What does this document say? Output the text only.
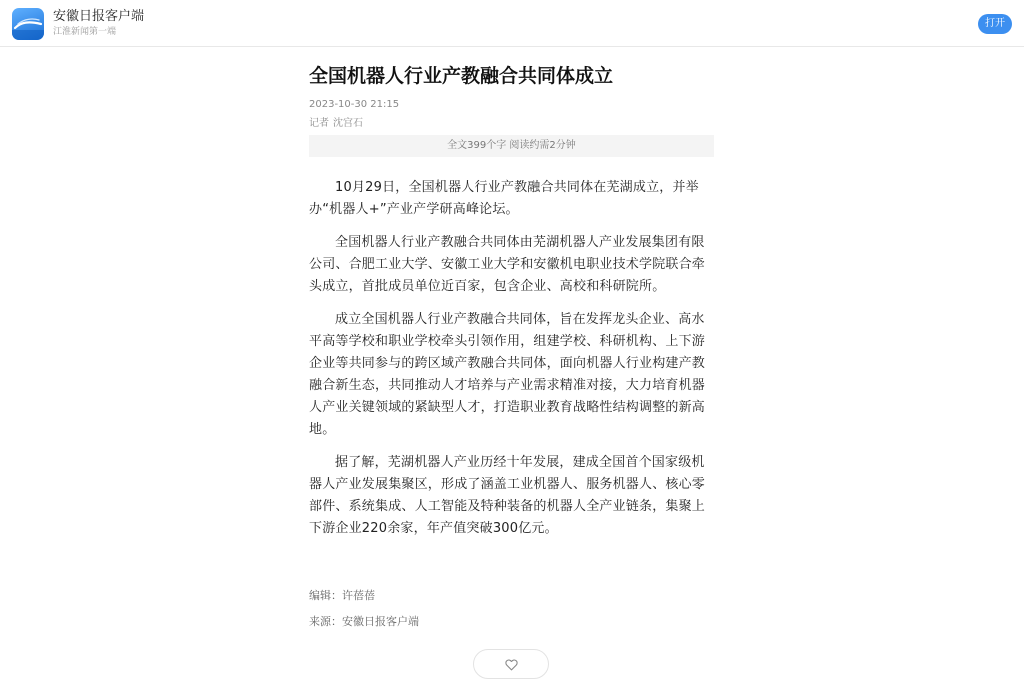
安徽日报客户端
江淮新闻第一端
打开
全国机器人行业产教融合共同体成立
2023-10-30 21:15
记者 沈宫石
全文399个字 阅读约需2分钟

10月29日，全国机器人行业产教融合共同体在芜湖成立，并举办“机器人+”产业产学研高峰论坛。

全国机器人行业产教融合共同体由芜湖机器人产业发展集团有限公司、合肥工业大学、安徽工业大学和安徽机电职业技术学院联合牵头成立，首批成员单位近百家，包含企业、高校和科研院所。

成立全国机器人行业产教融合共同体，旨在发挥龙头企业、高水平高等学校和职业学校牵头引领作用，组建学校、科研机构、上下游企业等共同参与的跨区域产教融合共同体，面向机器人行业构建产教融合新生态，共同推动人才培养与产业需求精准对接，大力培育机器人产业关键领域的紧缺型人才，打造职业教育战略性结构调整的新高地。

据了解，芜湖机器人产业历经十年发展，建成全国首个国家级机器人产业发展集聚区，形成了涵盖工业机器人、服务机器人、核心零部件、系统集成、人工智能及特种装备的机器人全产业链条，集聚上下游企业220余家，年产值突破300亿元。

编辑：许蓓蓓
来源：安徽日报客户端
